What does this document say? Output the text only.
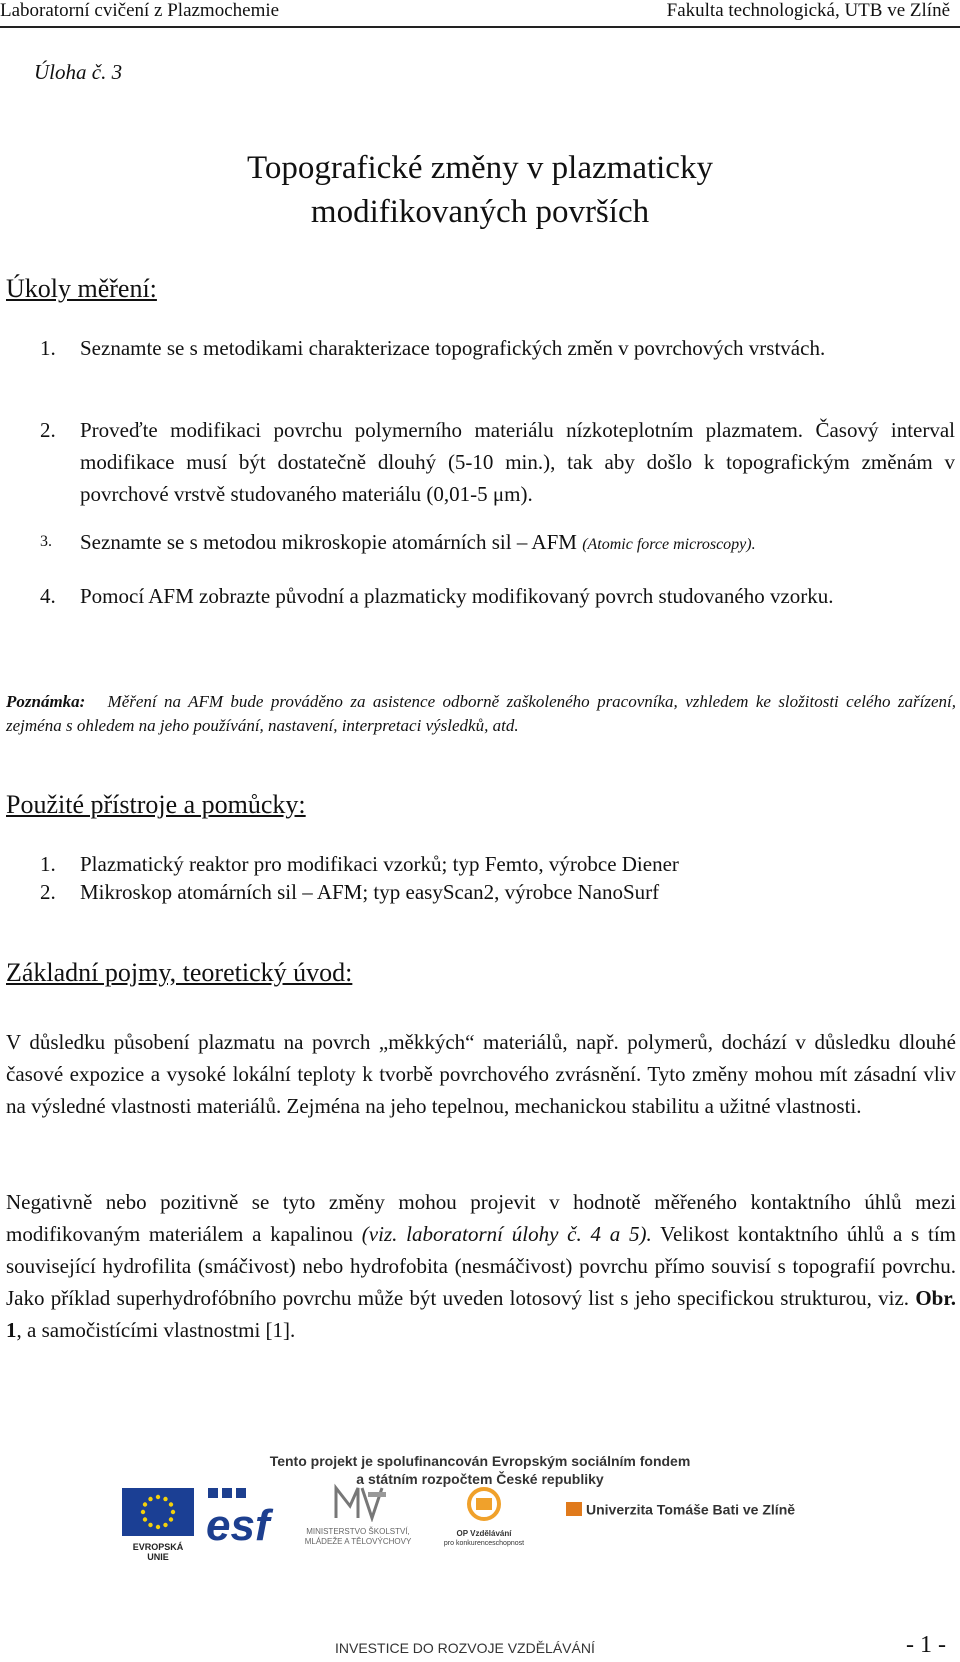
Laboratorní cvičení z Plazmochemie	Fakulta technologická, UTB ve Zlíně
Úloha č. 3
Topografické změny v plazmaticky
modifikovaných površích
Úkoly měření:
1. Seznamte se s metodikami charakterizace topografických změn v povrchových vrstvách.
2. Proveďte modifikaci povrchu polymerního materiálu nízkoteplotním plazmatem. Časový interval modifikace musí být dostatečně dlouhý (5-10 min.), tak aby došlo k topografickým změnám v povrchové vrstvě studovaného materiálu (0,01-5 μm).
3. Seznamte se s metodou mikroskopie atomárních sil – AFM (Atomic force microscopy).
4. Pomocí AFM zobrazte původní a plazmaticky modifikovaný povrch studovaného vzorku.
Poznámka: Měření na AFM bude prováděno za asistence odborně zaškoleného pracovníka, vzhledem ke složitosti celého zařízení, zejména s ohledem na jeho používání, nastavení, interpretaci výsledků, atd.
Použité přístroje a pomůcky:
1. Plazmatický reaktor pro modifikaci vzorků; typ Femto, výrobce Diener
2. Mikroskop atomárních sil – AFM; typ easyScan2, výrobce NanoSurf
Základní pojmy, teoretický úvod:
V důsledku působení plazmatu na povrch „měkkých“ materiálů, např. polymerů, dochází v důsledku dlouhé časové expozice a vysoké lokální teploty k tvorbě povrchového zvrásnění. Tyto změny mohou mít zásadní vliv na výsledné vlastnosti materiálů. Zejména na jeho tepelnou, mechanickou stabilitu a užitné vlastnosti.
Negativně nebo pozitivně se tyto změny mohou projevit v hodnotě měřeného kontaktního úhlů mezi modifikovaným materiálem a kapalinou (viz. laboratorní úlohy č. 4 a 5). Velikost kontaktního úhlů a s tím související hydrofilita (smáčivost) nebo hydrofobita (nesmáčivost) povrchu přímo souvisí s topografií povrchu. Jako příklad superhydrofóbního povrchu může být uveden lotosový list s jeho specifickou strukturou, viz. Obr. 1, a samočistícími vlastnostmi [1].
Tento projekt je spolufinancován Evropským sociálním fondem
a státním rozpočtem České republiky
EVROPSKÁ UNIE
esf	MINISTERSTVO ŠKOLSTVÍ,
MLÁDEŽE A TĚLOVÝCHOVY
OP Vzdělávání
pro konkurenceschopnost
Univerzita Tomáše Bati ve Zlíně
INVESTICE DO ROZVOJE VZDĚLÁVÁNÍ	- 1 -
